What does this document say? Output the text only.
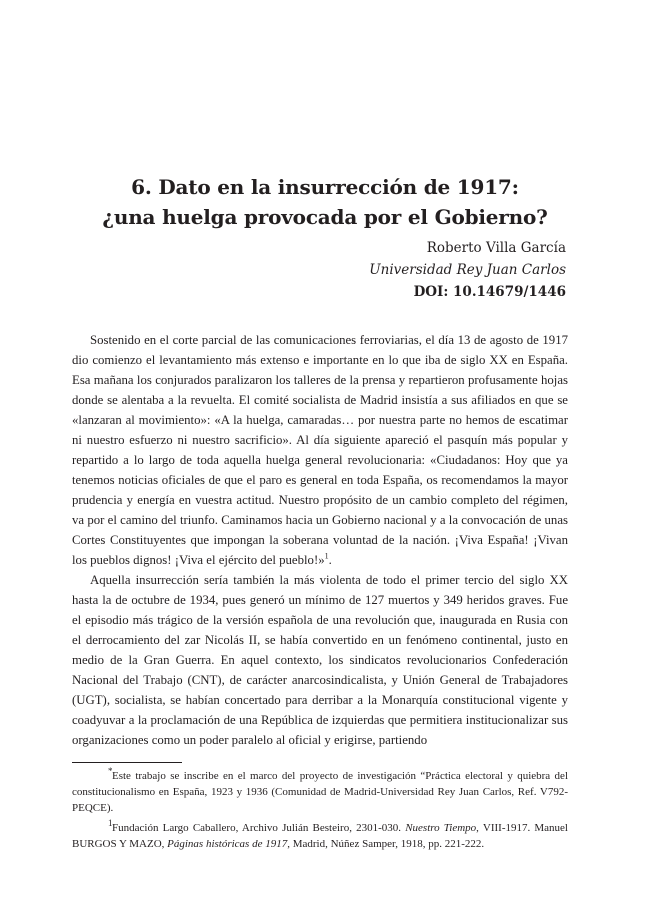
6. Dato en la insurrección de 1917:
¿una huelga provocada por el Gobierno?
Roberto Villa García
Universidad Rey Juan Carlos
DOI: 10.14679/1446

Sostenido en el corte parcial de las comunicaciones ferroviarias, el día 13 de agosto de 1917 dio comienzo el levantamiento más extenso e importante en lo que iba de siglo XX en España. Esa mañana los conjurados paralizaron los talleres de la prensa y repartieron profusamente hojas donde se alentaba a la revuelta. El comité socialista de Madrid insistía a sus afiliados en que se «lanzaran al movimiento»: «A la huelga, camaradas… por nuestra parte no hemos de escatimar ni nuestro esfuerzo ni nuestro sacrificio». Al día siguiente apareció el pasquín más popular y repartido a lo largo de toda aquella huelga general revolucionaria: «Ciudadanos: Hoy que ya tenemos noticias oficiales de que el paro es general en toda España, os recomendamos la mayor prudencia y energía en vuestra actitud. Nuestro propósito de un cambio completo del régimen, va por el camino del triunfo. Caminamos hacia un Gobierno nacional y a la convocación de unas Cortes Constituyentes que impongan la soberana voluntad de la nación. ¡Viva España! ¡Vivan los pueblos dignos! ¡Viva el ejército del pueblo!»$^1$.

Aquella insurrección sería también la más violenta de todo el primer tercio del siglo XX hasta la de octubre de 1934, pues generó un mínimo de 127 muertos y 349 heridos graves. Fue el episodio más trágico de la versión española de una revolución que, inaugurada en Rusia con el derrocamiento del zar Nicolás II, se había convertido en un fenómeno continental, justo en medio de la Gran Guerra. En aquel contexto, los sindicatos revolucionarios Confederación Nacional del Trabajo (CNT), de carácter anarcosindicalista, y Unión General de Trabajadores (UGT), socialista, se habían concertado para derribar a la Monarquía constitucional vigente y coadyuvar a la proclamación de una República de izquierdas que permitiera institucionalizar sus organizaciones como un poder paralelo al oficial y erigirse, partiendo

*Este trabajo se inscribe en el marco del proyecto de investigación “Práctica electoral y quiebra del constitucionalismo en España, 1923 y 1936 (Comunidad de Madrid-Universidad Rey Juan Carlos, Ref. V792-PEQCE).

1Fundación Largo Caballero, Archivo Julián Besteiro, 2301-030. Nuestro Tiempo, VIII-1917. Manuel BURGOS Y MAZO, Páginas históricas de 1917, Madrid, Núñez Samper, 1918, pp. 221-222.
